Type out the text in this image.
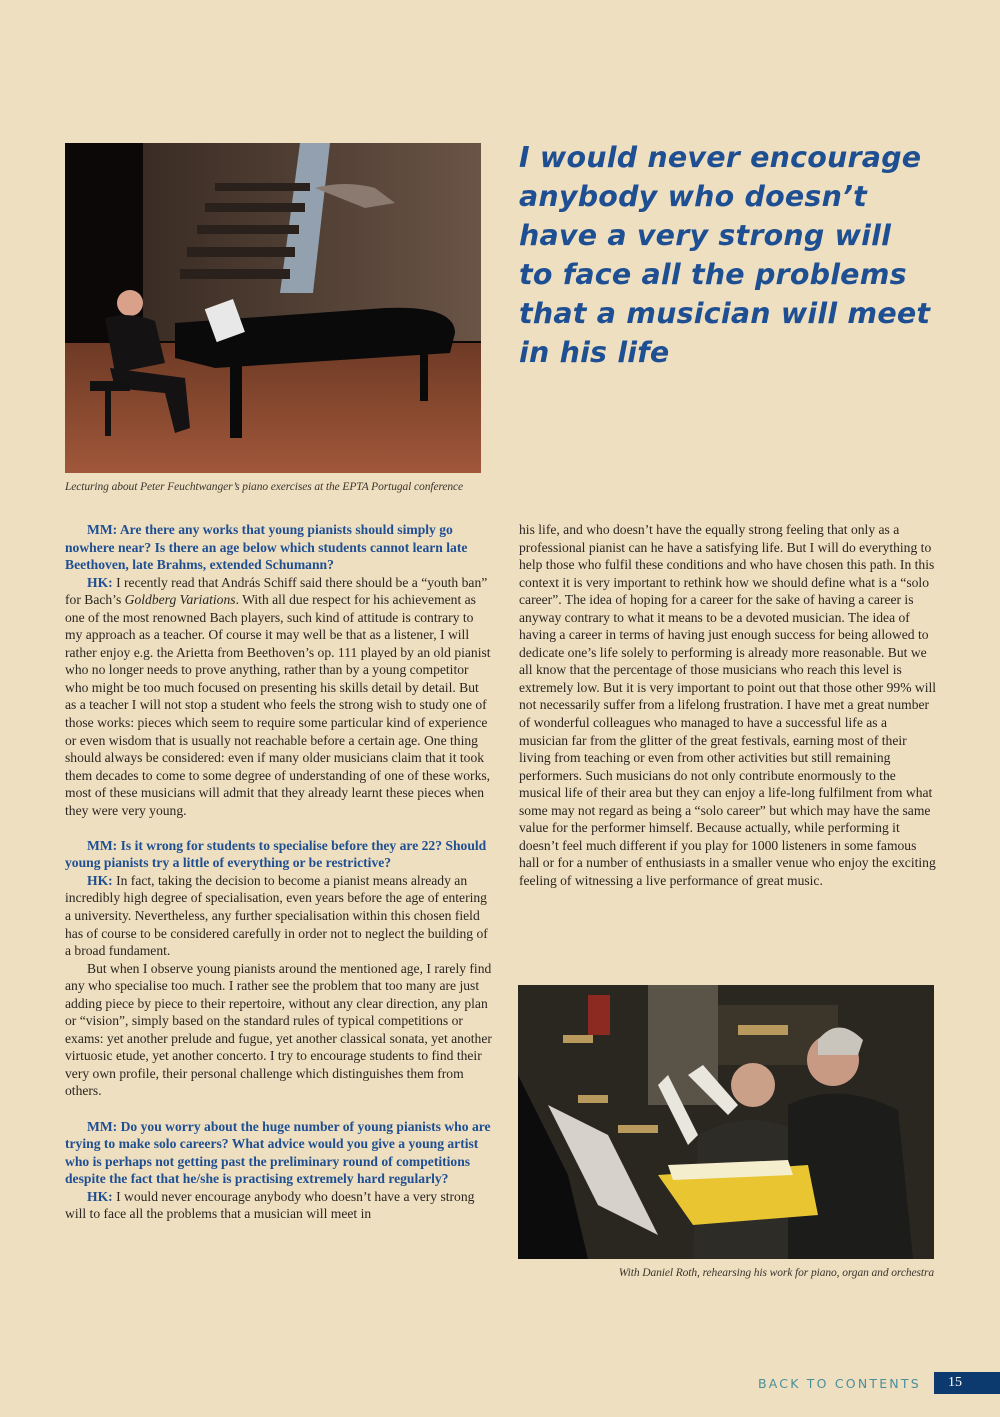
Lecturing about Peter Feuchtwanger’s piano exercises at the EPTA Portugal conference
I would never encourage
anybody who doesn’t
have a very strong will
to face all the problems
that a musician will meet
in his life

MM: Are there any works that young pianists should simply go nowhere near? Is there an age below which students cannot learn late Beethoven, late Brahms, extended Schumann?

HK: I recently read that András Schiff said there should be a “youth ban” for Bach’s Goldberg Variations. With all due respect for his achievement as one of the most renowned Bach players, such kind of attitude is contrary to my approach as a teacher. Of course it may well be that as a listener, I will rather enjoy e.g. the Arietta from Beethoven’s op. 111 played by an old pianist who no longer needs to prove anything, rather than by a young competitor who might be too much focused on presenting his skills detail by detail. But as a teacher I will not stop a student who feels the strong wish to study one of those works: pieces which seem to require some particular kind of experience or even wisdom that is usually not reachable before a certain age. One thing should always be considered: even if many older musicians claim that it took them decades to come to some degree of understanding of one of these works, most of these musicians will admit that they already learnt these pieces when they were very young.

MM: Is it wrong for students to specialise before they are 22? Should young pianists try a little of everything or be restrictive?

HK: In fact, taking the decision to become a pianist means already an incredibly high degree of specialisation, even years before the age of entering a university. Nevertheless, any further specialisation within this chosen field has of course to be considered carefully in order not to neglect the building of a broad fundament.

But when I observe young pianists around the mentioned age, I rarely find any who specialise too much. I rather see the problem that too many are just adding piece by piece to their repertoire, without any clear direction, any plan or “vision”, simply based on the standard rules of typical competitions or exams: yet another prelude and fugue, yet another classical sonata, yet another virtuosic etude, yet another concerto. I try to encourage students to find their very own profile, their personal challenge which distinguishes them from others.

MM: Do you worry about the huge number of young pianists who are trying to make solo careers? What advice would you give a young artist who is perhaps not getting past the preliminary round of competitions despite the fact that he/she is practising extremely hard regularly?

HK: I would never encourage anybody who doesn’t have a very strong will to face all the problems that a musician will meet in

his life, and who doesn’t have the equally strong feeling that only as a professional pianist can he have a satisfying life. But I will do everything to help those who fulfil these conditions and who have chosen this path. In this context it is very important to rethink how we should define what is a “solo career”. The idea of hoping for a career for the sake of having a career is anyway contrary to what it means to be a devoted musician. The idea of having a career in terms of having just enough success for being allowed to dedicate one’s life solely to performing is already more reasonable. But we all know that the percentage of those musicians who reach this level is extremely low. But it is very important to point out that those other 99% will not necessarily suffer from a lifelong frustration. I have met a great number of wonderful colleagues who managed to have a successful life as a musician far from the glitter of the great festivals, earning most of their living from teaching or even from other activities but still remaining performers. Such musicians do not only contribute enormously to the musical life of their area but they can enjoy a life-long fulfilment from what some may not regard as being a “solo career” but which may have the same value for the performer himself. Because actually, while performing it doesn’t feel much different if you play for 1000 listeners in some famous hall or for a number of enthusiasts in a smaller venue who enjoy the exciting feeling of witnessing a live performance of great music.

With Daniel Roth, rehearsing his work for piano, organ and orchestra
BACK TO CONTENTS	15
